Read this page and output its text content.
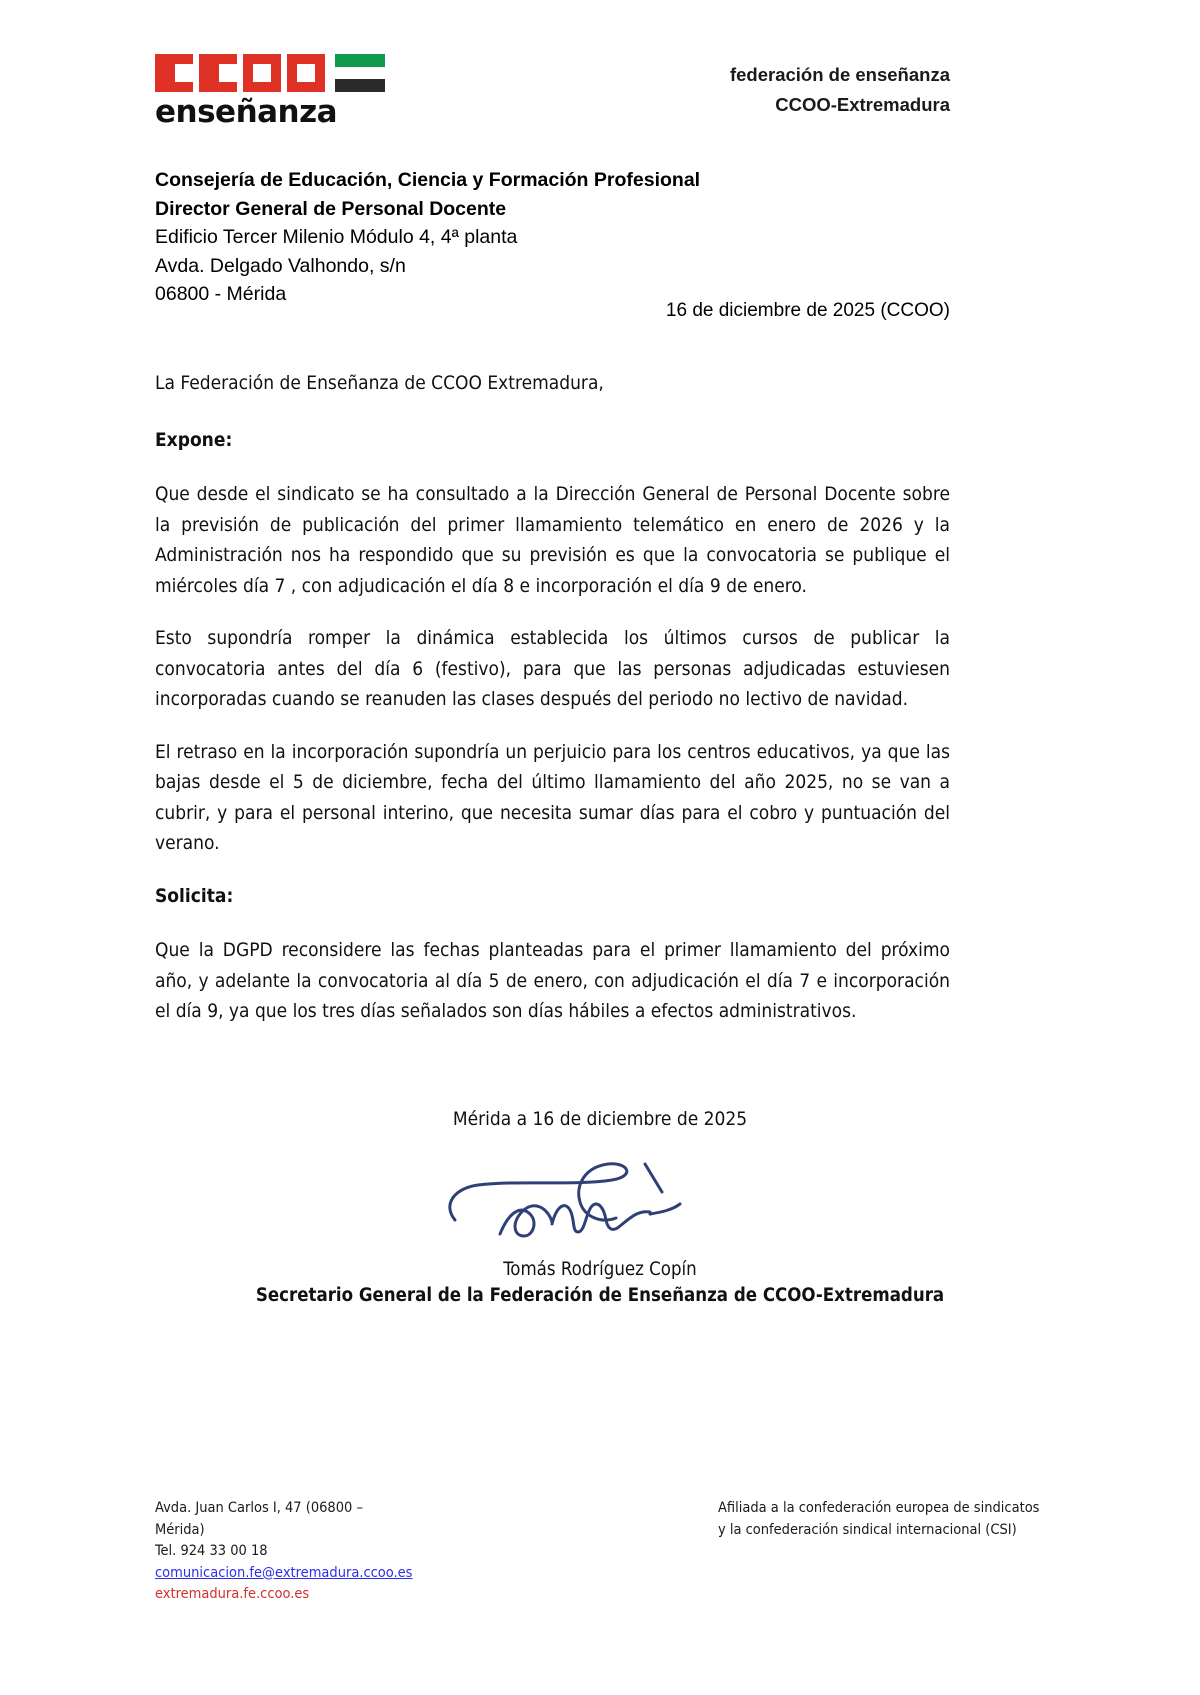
enseñanza
federación de enseñanza
CCOO-Extremadura
Consejería de Educación, Ciencia y Formación Profesional
Director General de Personal Docente
Edificio Tercer Milenio Módulo 4, 4ª planta
Avda. Delgado Valhondo, s/n
06800 - Mérida
16 de diciembre de 2025 (CCOO)

La Federación de Enseñanza de CCOO Extremadura,

Expone:

Que desde el sindicato se ha consultado a la Dirección General de Personal Docente sobre la previsión de publicación del primer llamamiento telemático en enero de 2026 y la Administración nos ha respondido que su previsión es que la convocatoria se publique el miércoles día 7 , con adjudicación el día 8 e incorporación el día 9 de enero.

Esto supondría romper la dinámica establecida los últimos cursos de publicar la convocatoria antes del día 6 (festivo), para que las personas adjudicadas estuviesen incorporadas cuando se reanuden las clases después del periodo no lectivo de navidad.

El retraso en la incorporación supondría un perjuicio para los centros educativos, ya que las bajas desde el 5 de diciembre, fecha del último llamamiento del año 2025, no se van a cubrir, y para el personal interino, que necesita sumar días para el cobro y puntuación del verano.

Solicita:

Que la DGPD reconsidere las fechas planteadas para el primer llamamiento del próximo año, y adelante la convocatoria al día 5 de enero, con adjudicación el día 7 e incorporación el día 9, ya que los tres días señalados son días hábiles a efectos administrativos.

Mérida a 16 de diciembre de 2025
Tomás Rodríguez Copín
Secretario General de la Federación de Enseñanza de CCOO-Extremadura
Avda. Juan Carlos I, 47 (06800 –
Mérida)
Tel. 924 33 00 18
comunicacion.fe@extremadura.ccoo.es
extremadura.fe.ccoo.es
Afiliada a la confederación europea de sindicatos
y la confederación sindical internacional (CSI)
